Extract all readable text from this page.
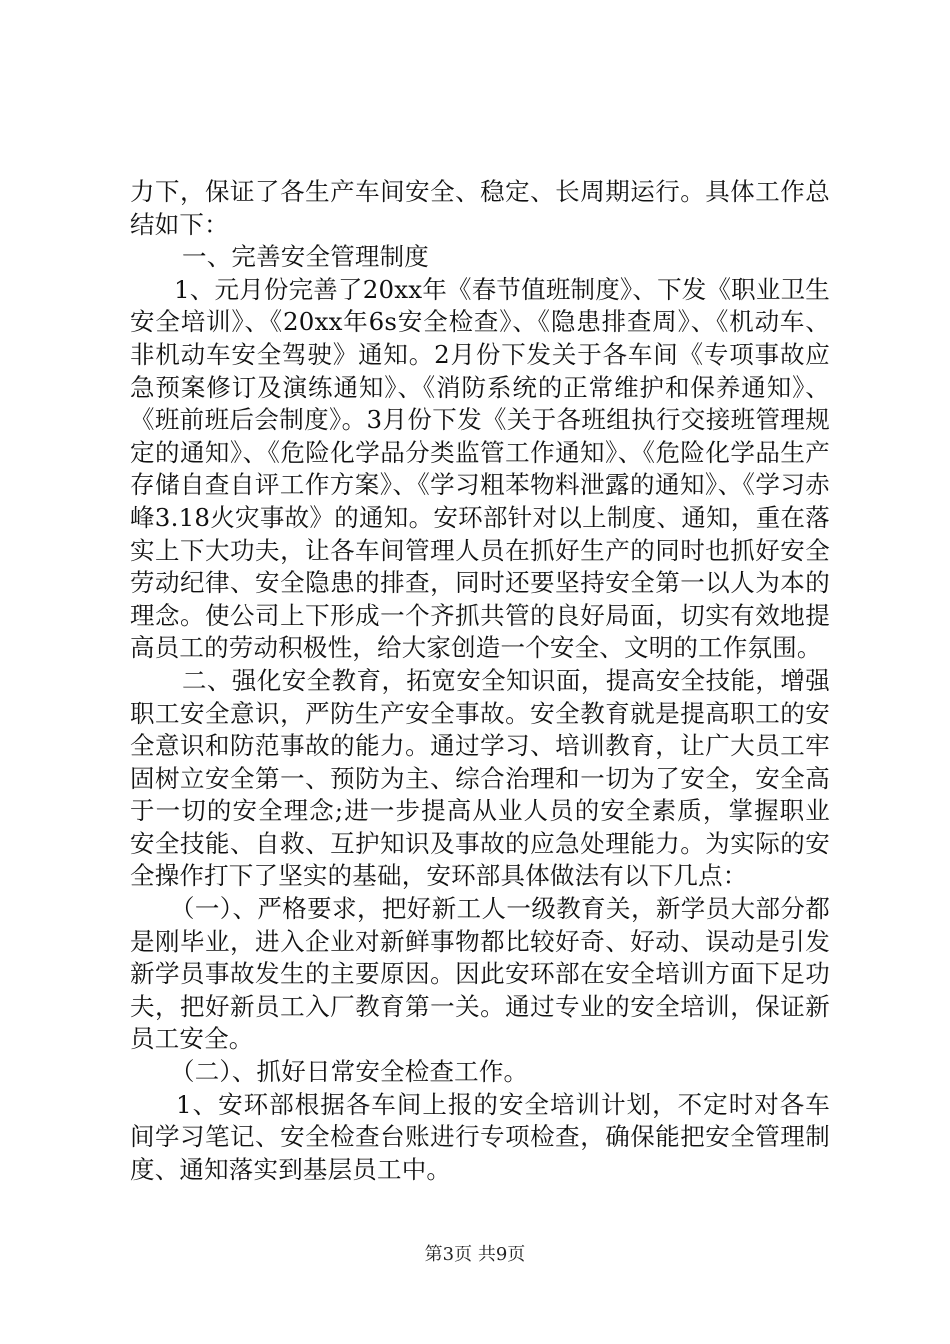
力下，保证了各生产车间安全、稳定、长周期运行。具体工作总结如下：

一、完善安全管理制度

1、元月份完善了20xx年《春节值班制度》、下发《职业卫生安全培训》、《20xx年6s安全检查》、《隐患排查周》、《机动车、非机动车安全驾驶》通知。2月份下发关于各车间《专项事故应急预案修订及演练通知》、《消防系统的正常维护和保养通知》、《班前班后会制度》。3月份下发《关于各班组执行交接班管理规定的通知》、《危险化学品分类监管工作通知》、《危险化学品生产存储自查自评工作方案》、《学习粗苯物料泄露的通知》、《学习赤峰3.18火灾事故》的通知。安环部针对以上制度、通知，重在落实上下大功夫，让各车间管理人员在抓好生产的同时也抓好安全劳动纪律、安全隐患的排查，同时还要坚持安全第一以人为本的理念。使公司上下形成一个齐抓共管的良好局面，切实有效地提高员工的劳动积极性，给大家创造一个安全、文明的工作氛围。

二、强化安全教育，拓宽安全知识面，提高安全技能，增强职工安全意识，严防生产安全事故。安全教育就是提高职工的安全意识和防范事故的能力。通过学习、培训教育，让广大员工牢固树立安全第一、预防为主、综合治理和一切为了安全，安全高于一切的安全理念;进一步提高从业人员的安全素质，掌握职业安全技能、自救、互护知识及事故的应急处理能力。为实际的安全操作打下了坚实的基础，安环部具体做法有以下几点：

（一）、严格要求，把好新工人一级教育关，新学员大部分都是刚毕业，进入企业对新鲜事物都比较好奇、好动、误动是引发新学员事故发生的主要原因。因此安环部在安全培训方面下足功夫，把好新员工入厂教育第一关。通过专业的安全培训，保证新员工安全。

（二）、抓好日常安全检查工作。

1、安环部根据各车间上报的安全培训计划，不定时对各车间学习笔记、安全检查台账进行专项检查，确保能把安全管理制度、通知落实到基层员工中。

第3页 共9页
